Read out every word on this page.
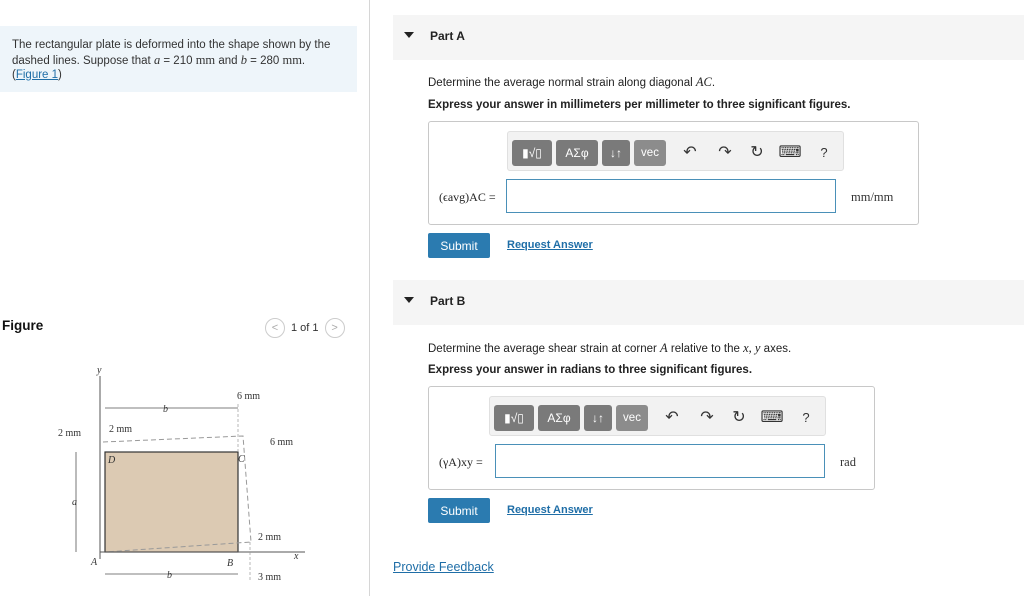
The rectangular plate is deformed into the shape shown by the dashed lines. Suppose that a = 210 mm and b = 280 mm.
(Figure 1)
Figure	<	1 of 1	>
y
x
b
b
a
A	B
C
D
6 mm
6 mm
2 mm	2 mm
2 mm
3 mm
Part A
Determine the average normal strain along diagonal AC.
Express your answer in millimeters per millimeter to three significant figures.
▮√▯	ΑΣφ	↓↑	vec	↶ ↷ ↻ ⌨	?
(ϵavg)AC =	mm/mm
Submit	Request Answer
Part B
Determine the average shear strain at corner A relative to the x, y axes.
Express your answer in radians to three significant figures.
▮√▯	ΑΣφ	↓↑	vec	↶ ↷ ↻ ⌨	?
(γA)xy =	rad
Submit	Request Answer
Provide Feedback
